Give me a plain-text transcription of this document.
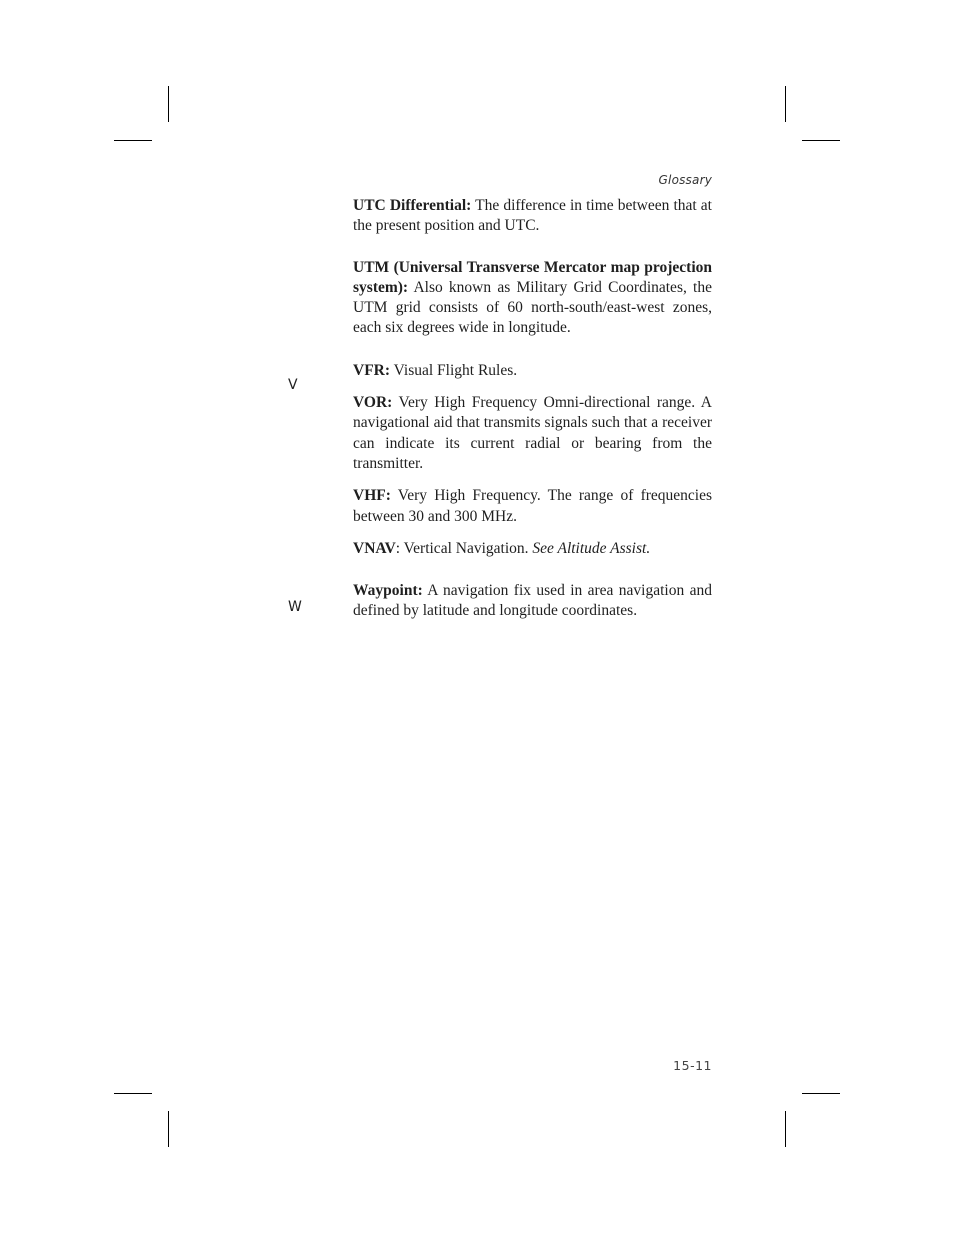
Glossary
V
W

UTC Differential: The difference in time between that at the present position and UTC.

UTM (Universal Transverse Mercator map projection system): Also known as Military Grid Coordinates, the UTM grid consists of 60 north-south/east-west zones, each six degrees wide in longitude.

VFR: Visual Flight Rules.

VOR: Very High Frequency Omni-directional range. A navigational aid that transmits signals such that a receiver can indicate its current radial or bearing from the transmitter.

VHF: Very High Frequency. The range of frequencies between 30 and 300 MHz.

VNAV: Vertical Navigation. See Altitude Assist.

Waypoint: A navigation fix used in area navigation and defined by latitude and longitude coordinates.

15-11
